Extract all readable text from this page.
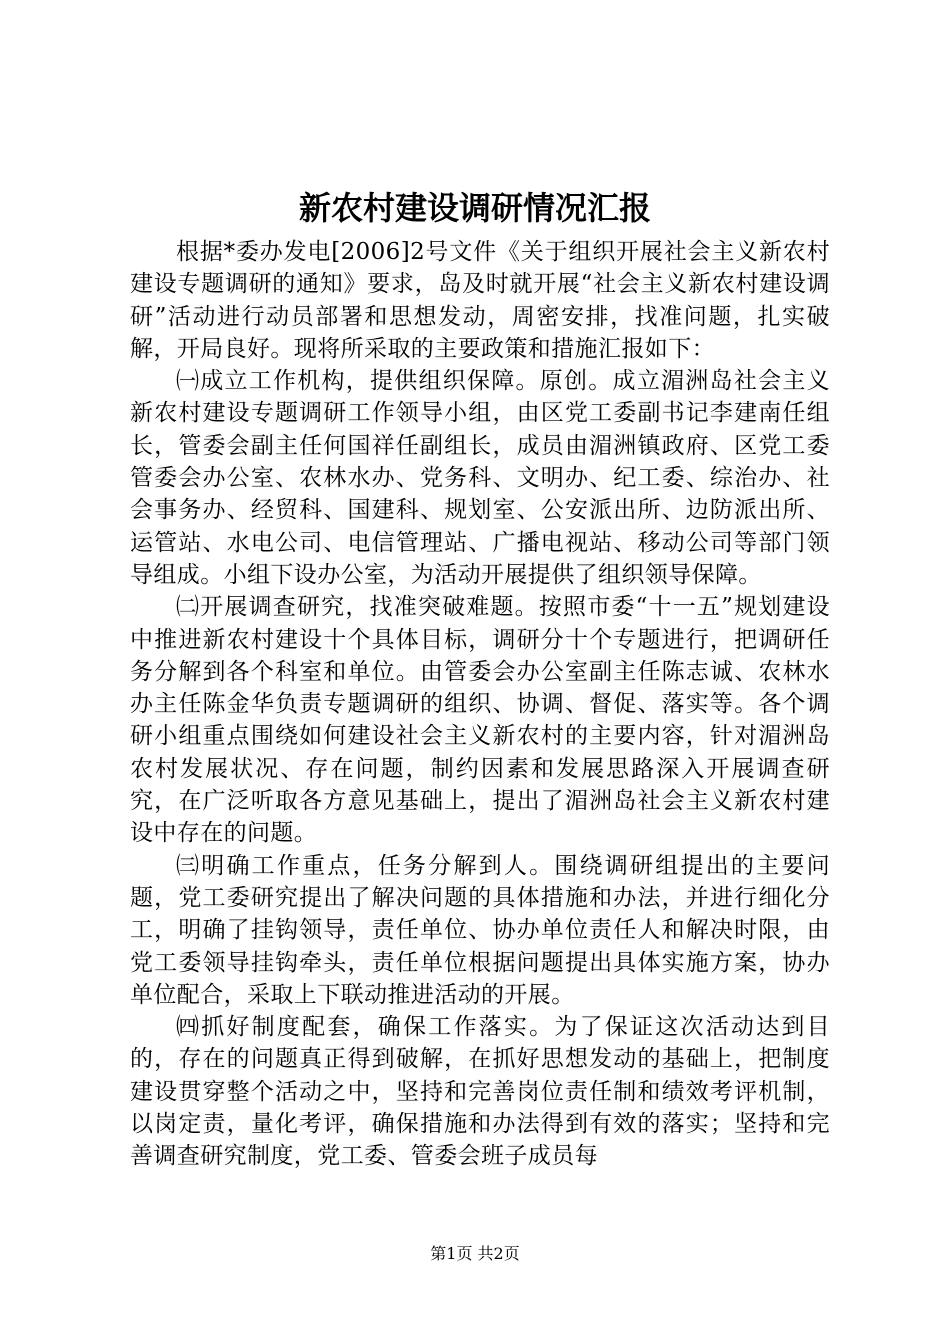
新农村建设调研情况汇报

根据*委办发电[2006]2号文件《关于组织开展社会主义新农村建设专题调研的通知》要求，岛及时就开展“社会主义新农村建设调研”活动进行动员部署和思想发动，周密安排，找准问题，扎实破解，开局良好。现将所采取的主要政策和措施汇报如下：

㈠成立工作机构，提供组织保障。原创。成立湄洲岛社会主义新农村建设专题调研工作领导小组，由区党工委副书记李建南任组长，管委会副主任何国祥任副组长，成员由湄洲镇政府、区党工委管委会办公室、农林水办、党务科、文明办、纪工委、综治办、社会事务办、经贸科、国建科、规划室、公安派出所、边防派出所、运管站、水电公司、电信管理站、广播电视站、移动公司等部门领导组成。小组下设办公室，为活动开展提供了组织领导保障。

㈡开展调查研究，找准突破难题。按照市委“十一五”规划建设中推进新农村建设十个具体目标，调研分十个专题进行，把调研任务分解到各个科室和单位。由管委会办公室副主任陈志诚、农林水办主任陈金华负责专题调研的组织、协调、督促、落实等。各个调研小组重点围绕如何建设社会主义新农村的主要内容，针对湄洲岛农村发展状况、存在问题，制约因素和发展思路深入开展调查研究，在广泛听取各方意见基础上，提出了湄洲岛社会主义新农村建设中存在的问题。

㈢明确工作重点，任务分解到人。围绕调研组提出的主要问题，党工委研究提出了解决问题的具体措施和办法，并进行细化分工，明确了挂钩领导，责任单位、协办单位责任人和解决时限，由党工委领导挂钩牵头，责任单位根据问题提出具体实施方案，协办单位配合，采取上下联动推进活动的开展。

㈣抓好制度配套，确保工作落实。为了保证这次活动达到目的，存在的问题真正得到破解，在抓好思想发动的基础上，把制度建设贯穿整个活动之中，坚持和完善岗位责任制和绩效考评机制，以岗定责，量化考评，确保措施和办法得到有效的落实；坚持和完善调查研究制度，党工委、管委会班子成员每

第1页 共2页
